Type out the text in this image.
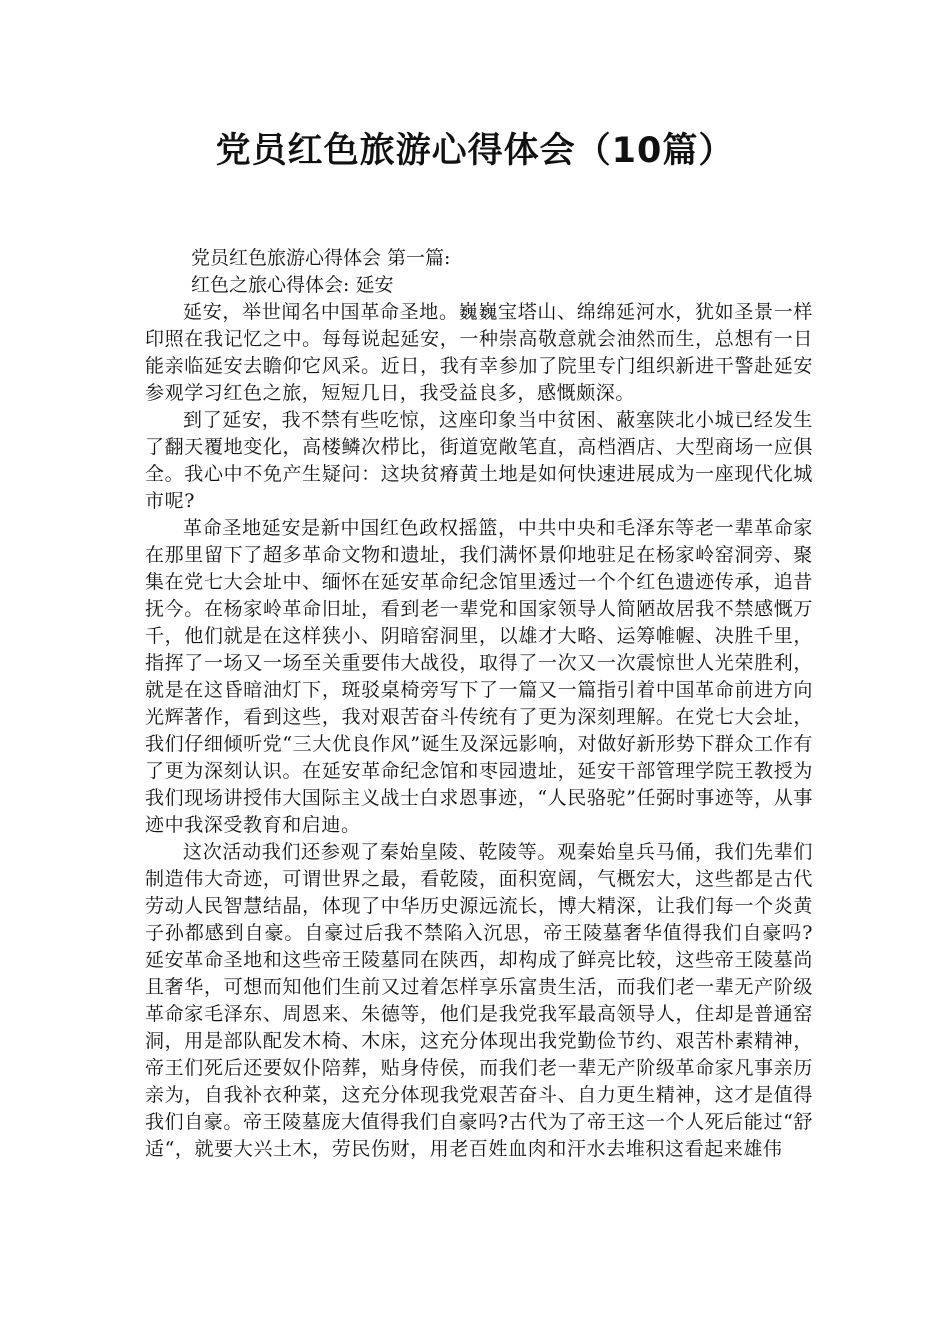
党员红色旅游心得体会（10篇）

党员红色旅游心得体会 第一篇:

红色之旅心得体会: 延安

延安，举世闻名中国革命圣地。巍巍宝塔山、绵绵延河水，犹如圣景一样印照在我记忆之中。每每说起延安，一种崇高敬意就会油然而生，总想有一日能亲临延安去瞻仰它风采。近日，我有幸参加了院里专门组织新进干警赴延安参观学习红色之旅，短短几日，我受益良多，感慨颇深。

到了延安，我不禁有些吃惊，这座印象当中贫困、蔽塞陕北小城已经发生了翻天覆地变化，高楼鳞次栉比，街道宽敞笔直，高档酒店、大型商场一应俱全。我心中不免产生疑问：这块贫瘠黄土地是如何快速进展成为一座现代化城市呢?

革命圣地延安是新中国红色政权摇篮，中共中央和毛泽东等老一辈革命家在那里留下了超多革命文物和遗址，我们满怀景仰地驻足在杨家岭窑洞旁、聚集在党七大会址中、缅怀在延安革命纪念馆里透过一个个红色遗迹传承，追昔抚今。在杨家岭革命旧址，看到老一辈党和国家领导人简陋故居我不禁感慨万千，他们就是在这样狭小、阴暗窑洞里，以雄才大略、运筹帷幄、决胜千里，指挥了一场又一场至关重要伟大战役，取得了一次又一次震惊世人光荣胜利，就是在这昏暗油灯下，斑驳桌椅旁写下了一篇又一篇指引着中国革命前进方向光辉著作，看到这些，我对艰苦奋斗传统有了更为深刻理解。在党七大会址，我们仔细倾听党“三大优良作风”诞生及深远影响，对做好新形势下群众工作有了更为深刻认识。在延安革命纪念馆和枣园遗址，延安干部管理学院王教授为我们现场讲授伟大国际主义战士白求恩事迹，“人民骆驼”任弼时事迹等，从事迹中我深受教育和启迪。

这次活动我们还参观了秦始皇陵、乾陵等。观秦始皇兵马俑，我们先辈们制造伟大奇迹，可谓世界之最，看乾陵，面积宽阔，气概宏大，这些都是古代劳动人民智慧结晶，体现了中华历史源远流长，博大精深，让我们每一个炎黄子孙都感到自豪。自豪过后我不禁陷入沉思，帝王陵墓奢华值得我们自豪吗?延安革命圣地和这些帝王陵墓同在陕西，却构成了鲜亮比较，这些帝王陵墓尚且奢华，可想而知他们生前又过着怎样享乐富贵生活，而我们老一辈无产阶级革命家毛泽东、周恩来、朱德等，他们是我党我军最高领导人，住却是普通窑洞，用是部队配发木椅、木床，这充分体现出我党勤俭节约、艰苦朴素精神，帝王们死后还要奴仆陪葬，贴身侍侯，而我们老一辈无产阶级革命家凡事亲历亲为，自我补衣种菜，这充分体现我党艰苦奋斗、自力更生精神，这才是值得我们自豪。帝王陵墓庞大值得我们自豪吗?古代为了帝王这一个人死后能过“舒适“，就要大兴土木，劳民伤财，用老百姓血肉和汗水去堆积这看起来雄伟
